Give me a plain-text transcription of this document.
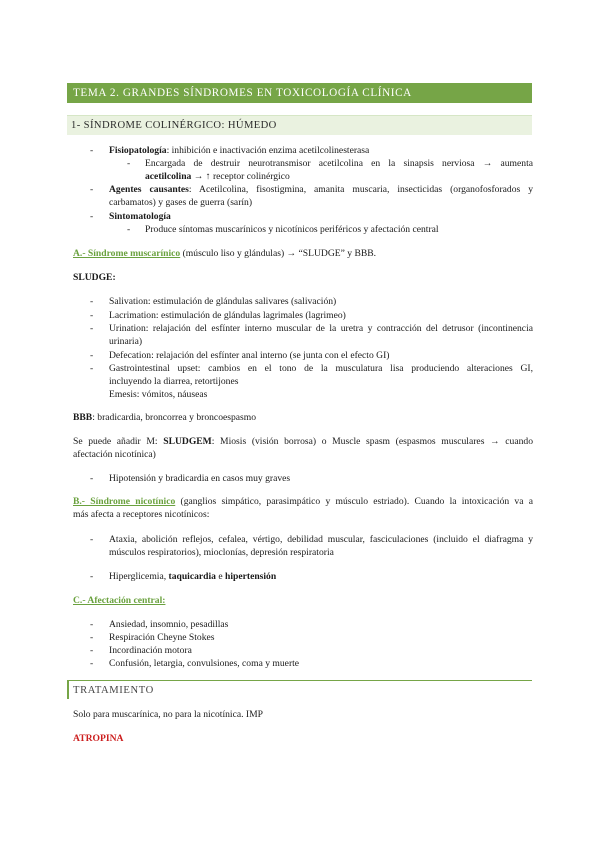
TEMA 2. GRANDES SÍNDROMES EN TOXICOLOGÍA CLÍNICA
1- SÍNDROME COLINÉRGICO: HÚMEDO
- Fisiopatología: inhibición e inactivación enzima acetilcolinesterasa
- Encargada de destruir neurotransmisor acetilcolina en la sinapsis nerviosa → aumenta
acetilcolina → ↑ receptor colinérgico
- Agentes causantes: Acetilcolina, fisostigmina, amanita muscaria, insecticidas (organofosforados y
carbamatos) y gases de guerra (sarín)
- Sintomatología
- Produce síntomas muscarínicos y nicotínicos periféricos y afectación central
A.- Síndrome muscarínico (músculo liso y glándulas) → “SLUDGE” y BBB.
SLUDGE:
- Salivation: estimulación de glándulas salivares (salivación)
- Lacrimation: estimulación de glándulas lagrimales (lagrimeo)
- Urination: relajación del esfínter interno muscular de la uretra y contracción del detrusor (incontinencia
urinaria)
- Defecation: relajación del esfínter anal interno (se junta con el efecto GI)
- Gastrointestinal upset: cambios en el tono de la musculatura lisa produciendo alteraciones GI,
incluyendo la diarrea, retortijones
Emesis: vómitos, náuseas
BBB: bradicardia, broncorrea y broncoespasmo
Se puede añadir M: SLUDGEM: Miosis (visión borrosa) o Muscle spasm (espasmos musculares → cuando
afectación nicotínica)
- Hipotensión y bradicardia en casos muy graves
B.- Síndrome nicotínico (ganglios simpático, parasimpático y músculo estriado). Cuando la intoxicación va a
más afecta a receptores nicotínicos:
- Ataxia, abolición reflejos, cefalea, vértigo, debilidad muscular, fasciculaciones (incluido el diafragma y
músculos respiratorios), mioclonías, depresión respiratoria
- Hiperglicemia, taquicardia e hipertensión
C.- Afectación central:
- Ansiedad, insomnio, pesadillas
- Respiración Cheyne Stokes
- Incordinación motora
- Confusión, letargia, convulsiones, coma y muerte
TRATAMIENTO
Solo para muscarínica, no para la nicotínica. IMP
ATROPINA
